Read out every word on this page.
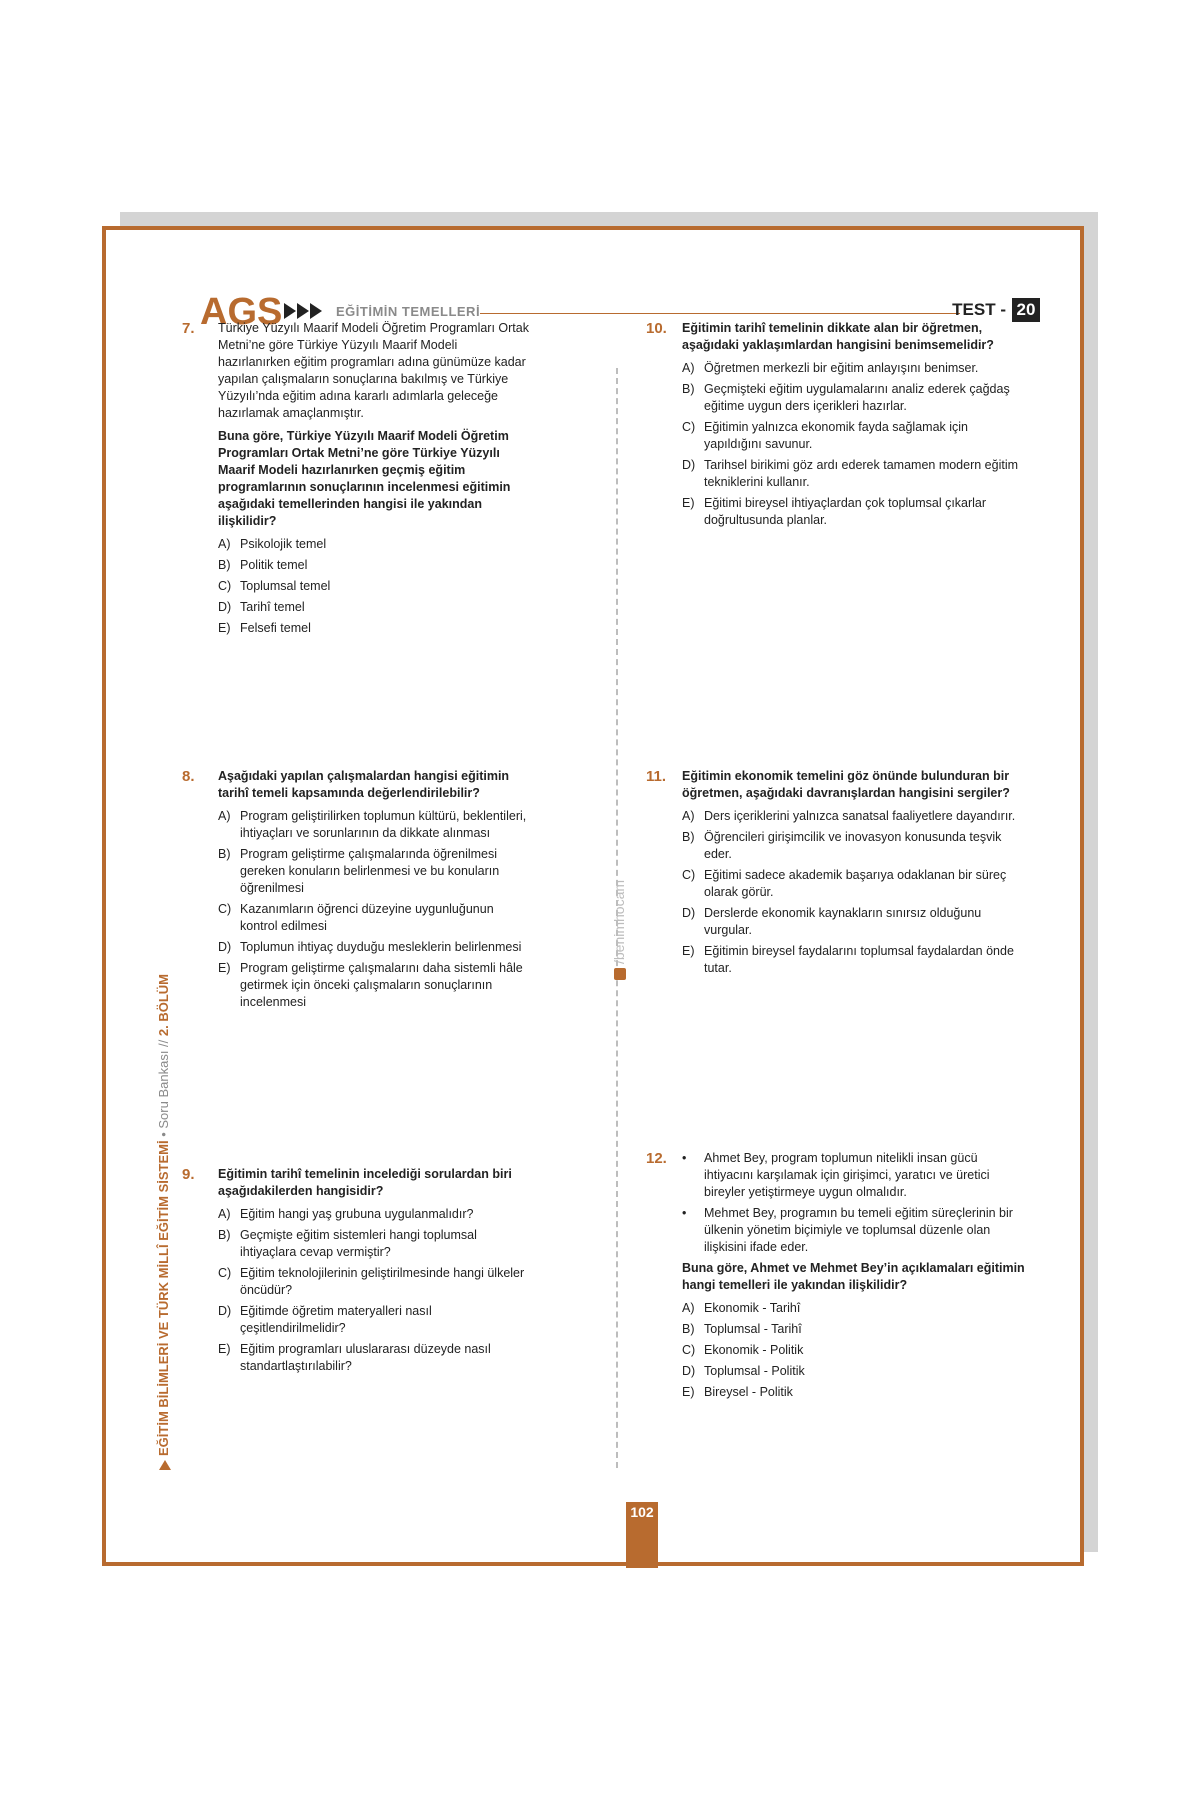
AGS	EĞİTİMİN TEMELLERİ	TEST - 20
/benimhocam
7. Türkiye Yüzyılı Maarif Modeli Öğretim Programları Ortak Metni’ne göre Türkiye Yüzyılı Maarif Modeli hazırlanırken eğitim programları adına günümüze kadar yapılan çalışmaların sonuçlarına bakılmış ve Türkiye Yüzyılı’nda eğitim adına kararlı adımlarla geleceğe hazırlamak amaçlanmıştır.

Buna göre, Türkiye Yüzyılı Maarif Modeli Öğretim Programları Ortak Metni’ne göre Türkiye Yüzyılı Maarif Modeli hazırlanırken geçmiş eğitim programlarının sonuçlarının incelenmesi eğitimin aşağıdaki temellerinden hangisi ile yakından ilişkilidir?

A) Psikolojik temel
B) Politik temel
C) Toplumsal temel
D) Tarihî temel
E) Felsefi temel
10. Eğitimin tarihî temelinin dikkate alan bir öğretmen, aşağıdaki yaklaşımlardan hangisini benimsemelidir?

A) Öğretmen merkezli bir eğitim anlayışını benimser.
B) Geçmişteki eğitim uygulamalarını analiz ederek çağdaş eğitime uygun ders içerikleri hazırlar.
C) Eğitimin yalnızca ekonomik fayda sağlamak için yapıldığını savunur.
D) Tarihsel birikimi göz ardı ederek tamamen modern eğitim tekniklerini kullanır.
E) Eğitimi bireysel ihtiyaçlardan çok toplumsal çıkarlar doğrultusunda planlar.
8. Aşağıdaki yapılan çalışmalardan hangisi eğitimin tarihî temeli kapsamında değerlendirilebilir?

A) Program geliştirilirken toplumun kültürü, beklentileri, ihtiyaçları ve sorunlarının da dikkate alınması
B) Program geliştirme çalışmalarında öğrenilmesi gereken konuların belirlenmesi ve bu konuların öğrenilmesi
C) Kazanımların öğrenci düzeyine uygunluğunun kontrol edilmesi
D) Toplumun ihtiyaç duyduğu mesleklerin belirlenmesi
E) Program geliştirme çalışmalarını daha sistemli hâle getirmek için önceki çalışmaların sonuçlarının incelenmesi
11. Eğitimin ekonomik temelini göz önünde bulunduran bir öğretmen, aşağıdaki davranışlardan hangisini sergiler?

A) Ders içeriklerini yalnızca sanatsal faaliyetlere dayandırır.
B) Öğrencileri girişimcilik ve inovasyon konusunda teşvik eder.
C) Eğitimi sadece akademik başarıya odaklanan bir süreç olarak görür.
D) Derslerde ekonomik kaynakların sınırsız olduğunu vurgular.
E) Eğitimin bireysel faydalarını toplumsal faydalardan önde tutar.
9. Eğitimin tarihî temelinin incelediği sorulardan biri aşağıdakilerden hangisidir?

A) Eğitim hangi yaş grubuna uygulanmalıdır?
B) Geçmişte eğitim sistemleri hangi toplumsal ihtiyaçlara cevap vermiştir?
C) Eğitim teknolojilerinin geliştirilmesinde hangi ülkeler öncüdür?
D) Eğitimde öğretim materyalleri nasıl çeşitlendirilmelidir?
E) Eğitim programları uluslararası düzeyde nasıl standartlaştırılabilir?
12. •	Ahmet Bey, program toplumun nitelikli insan gücü ihtiyacını karşılamak için girişimci, yaratıcı ve üretici bireyler yetiştirmeye uygun olmalıdır.
•	Mehmet Bey, programın bu temeli eğitim süreçlerinin bir ülkenin yönetim biçimiyle ve toplumsal düzenle olan ilişkisini ifade eder.

Buna göre, Ahmet ve Mehmet Bey’in açıklamaları eğitimin hangi temelleri ile yakından ilişkilidir?

A) Ekonomik - Tarihî
B) Toplumsal - Tarihî
C) Ekonomik - Politik
D) Toplumsal - Politik
E) Bireysel - Politik
EĞİTİM BİLİMLERİ VE TÜRK MİLLÎ EĞİTİM SİSTEMİ • Soru Bankası // 2. BÖLÜM
102
